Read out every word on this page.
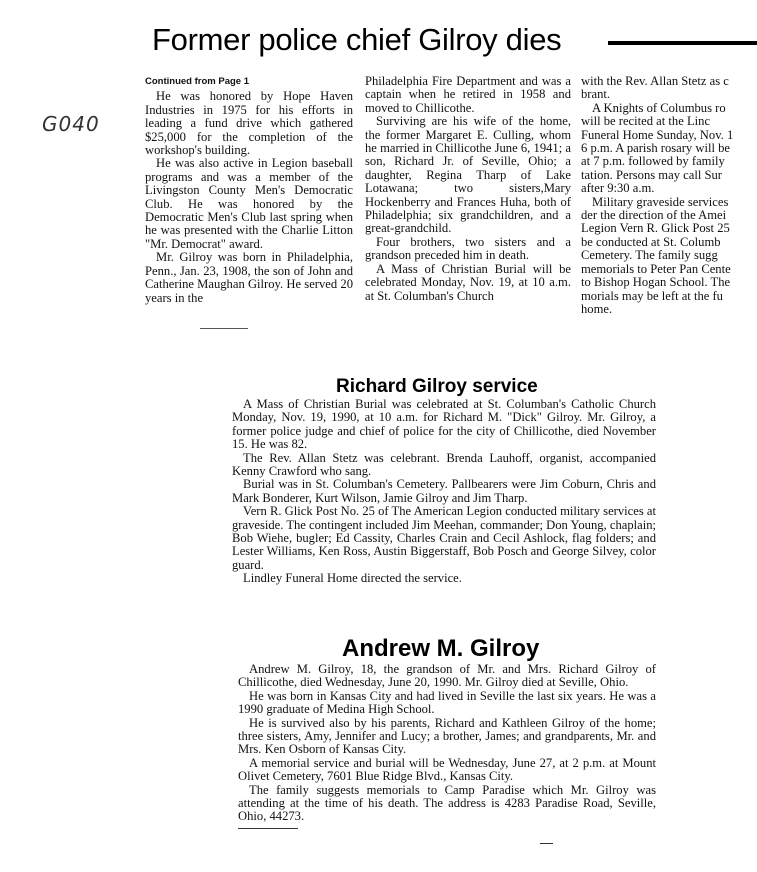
Former police chief Gilroy dies
G040

Continued from Page 1

He was honored by Hope Haven Industries in 1975 for his efforts in leading a fund drive which gathered $25,000 for the completion of the workshop's building.

He was also active in Legion baseball programs and was a member of the Livingston County Men's Democratic Club. He was honored by the Democratic Men's Club last spring when he was presented with the Charlie Litton "Mr. Democrat" award.

Mr. Gilroy was born in Philadelphia, Penn., Jan. 23, 1908, the son of John and Catherine Maughan Gilroy. He served 20 years in the

Philadelphia Fire Department and was a captain when he retired in 1958 and moved to Chillicothe.

Surviving are his wife of the home, the former Margaret E. Culling, whom he married in Chillicothe June 6, 1941; a son, Richard Jr. of Seville, Ohio; a daughter, Regina Tharp of Lake Lotawana; two sisters,Mary Hockenberry and Frances Huha, both of Philadelphia; six grandchildren, and a great-grandchild.

Four brothers, two sisters and a grandson preceded him in death.

A Mass of Christian Burial will be celebrated Monday, Nov. 19, at 10 a.m. at St. Columban's Church

with the Rev. Allan Stetz as c

brant.

A Knights of Columbus ro

will be recited at the Linc

Funeral Home Sunday, Nov. 1

6 p.m. A parish rosary will be

at 7 p.m. followed by family

tation. Persons may call Sur

after 9:30 a.m.

Military graveside services

der the direction of the Amei

Legion Vern R. Glick Post 25

be conducted at St. Columb

Cemetery. The family sugg

memorials to Peter Pan Cente

to Bishop Hogan School. The

morials may be left at the fu

home.

Richard Gilroy service

A Mass of Christian Burial was celebrated at St. Columban's Catholic Church Monday, Nov. 19, 1990, at 10 a.m. for Richard M. "Dick" Gilroy. Mr. Gilroy, a former police judge and chief of police for the city of Chillicothe, died November 15. He was 82.

The Rev. Allan Stetz was celebrant. Brenda Lauhoff, organist, accompanied Kenny Crawford who sang.

Burial was in St. Columban's Cemetery. Pallbearers were Jim Coburn, Chris and Mark Bonderer, Kurt Wilson, Jamie Gilroy and Jim Tharp.

Vern R. Glick Post No. 25 of The American Legion conducted military services at graveside. The contingent included Jim Meehan, commander; Don Young, chaplain; Bob Wiehe, bugler; Ed Cassity, Charles Crain and Cecil Ashlock, flag folders; and Lester Williams, Ken Ross, Austin Biggerstaff, Bob Posch and George Silvey, color guard.

Lindley Funeral Home directed the service.

Andrew M. Gilroy

Andrew M. Gilroy, 18, the grandson of Mr. and Mrs. Richard Gilroy of Chillicothe, died Wednesday, June 20, 1990. Mr. Gilroy died at Seville, Ohio.

He was born in Kansas City and had lived in Seville the last six years. He was a 1990 graduate of Medina High School.

He is survived also by his parents, Richard and Kathleen Gilroy of the home; three sisters, Amy, Jennifer and Lucy; a brother, James; and grandparents, Mr. and Mrs. Ken Osborn of Kansas City.

A memorial service and burial will be Wednesday, June 27, at 2 p.m. at Mount Olivet Cemetery, 7601 Blue Ridge Blvd., Kansas City.

The family suggests memorials to Camp Paradise which Mr. Gilroy was attending at the time of his death. The address is 4283 Paradise Road, Seville, Ohio, 44273.
